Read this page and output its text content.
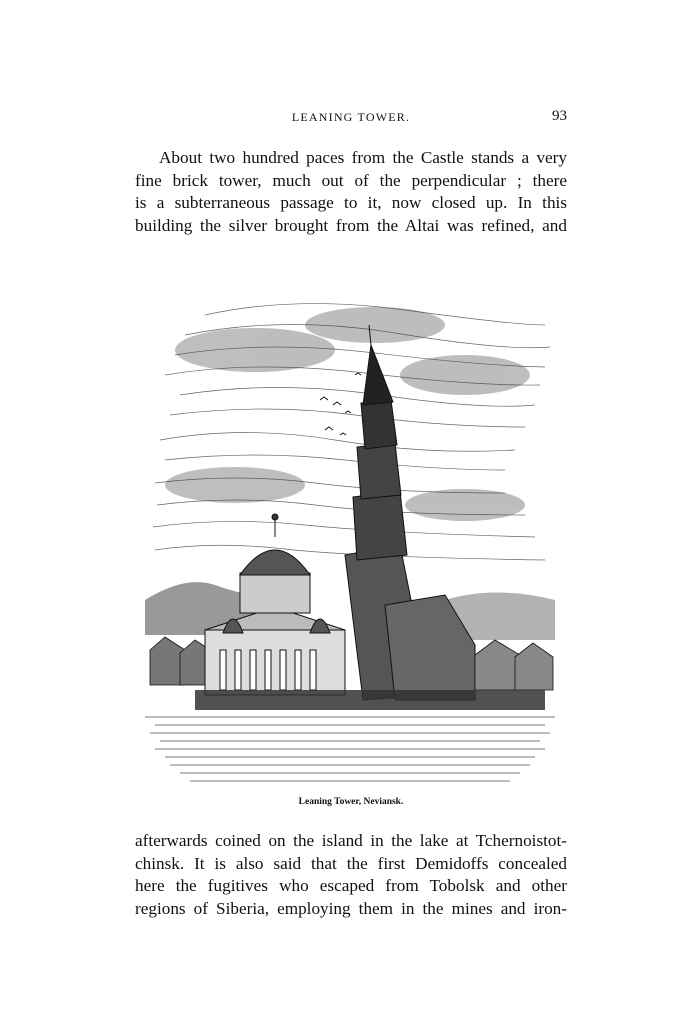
LEANING TOWER.	93
About two hundred paces from the Castle stands a very
fine brick tower, much out of the perpendicular ; there
is a subterraneous passage to it, now closed up. In this
building the silver brought from the Altai was refined, and
Leaning Tower, Neviansk.
afterwards coined on the island in the lake at Tchernoistot-
chinsk. It is also said that the first Demidoffs concealed
here the fugitives who escaped from Tobolsk and other
regions of Siberia, employing them in the mines and iron-
